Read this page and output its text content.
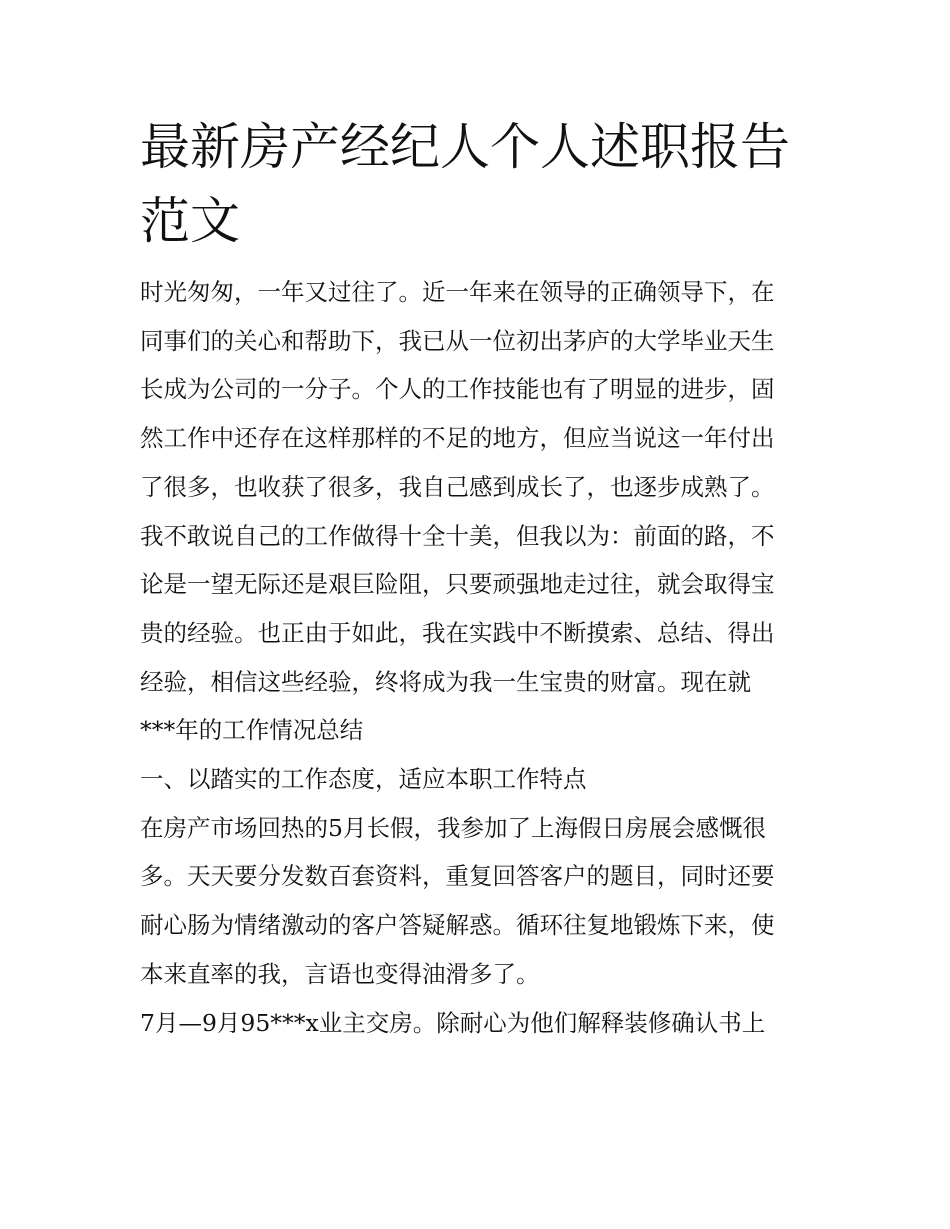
最新房产经纪人个人述职报告
范文

时光匆匆，一年又过往了。近一年来在领导的正确领导下，在

同事们的关心和帮助下，我已从一位初出茅庐的大学毕业天生

长成为公司的一分子。个人的工作技能也有了明显的进步，固

然工作中还存在这样那样的不足的地方，但应当说这一年付出

了很多，也收获了很多，我自己感到成长了，也逐步成熟了。

我不敢说自己的工作做得十全十美，但我以为：前面的路，不

论是一望无际还是艰巨险阻，只要顽强地走过往，就会取得宝

贵的经验。也正由于如此，我在实践中不断摸索、总结、得出

经验，相信这些经验，终将成为我一生宝贵的财富。现在就

***年的工作情况总结

一、以踏实的工作态度，适应本职工作特点

在房产市场回热的5月长假，我参加了上海假日房展会感慨很

多。天天要分发数百套资料，重复回答客户的题目，同时还要

耐心肠为情绪激动的客户答疑解惑。循环往复地锻炼下来，使

本来直率的我，言语也变得油滑多了。

7月—9月95***x业主交房。除耐心为他们解释装修确认书上
